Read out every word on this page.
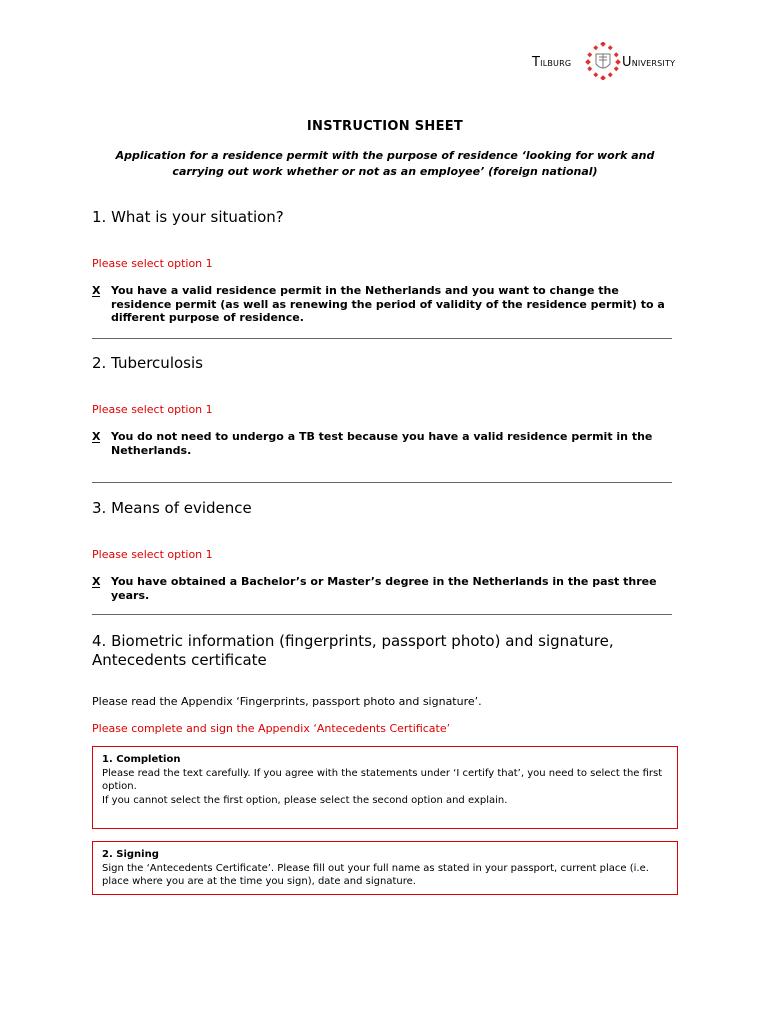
Tilburg	University
INSTRUCTION SHEET
Application for a residence permit with the purpose of residence ‘looking for work and
carrying out work whether or not as an employee’ (foreign national)
1. What is your situation?
Please select option 1
X You have a valid residence permit in the Netherlands and you want to change the residence permit (as well as renewing the period of validity of the residence permit) to a different purpose of residence.
2. Tuberculosis
Please select option 1
X You do not need to undergo a TB test because you have a valid residence permit in the Netherlands.
3. Means of evidence
Please select option 1
X You have obtained a Bachelor’s or Master’s degree in the Netherlands in the past three years.
4. Biometric information (fingerprints, passport photo) and signature,
Antecedents certificate
Please read the Appendix ‘Fingerprints, passport photo and signature’.
Please complete and sign the Appendix ‘Antecedents Certificate’
1. Completion
Please read the text carefully. If you agree with the statements under ‘I certify that’, you need to select the first option.
If you cannot select the first option, please select the second option and explain.
2. Signing
Sign the ‘Antecedents Certificate’. Please fill out your full name as stated in your passport, current place (i.e. place where you are at the time you sign), date and signature.
